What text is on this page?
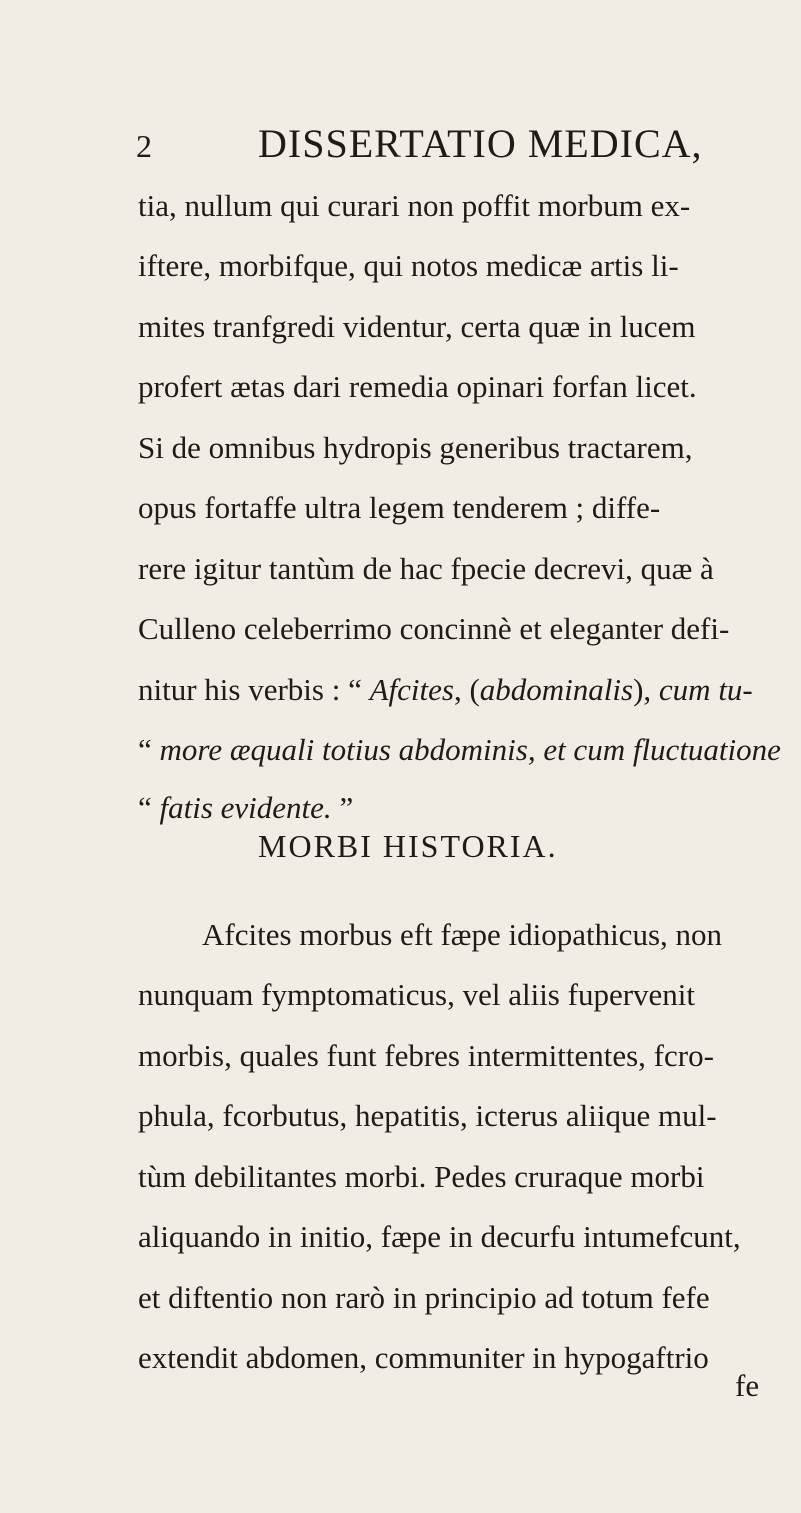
2	DISSERTATIO MEDICA,
tia, nullum qui curari non poffit morbum ex-
iftere, morbifque, qui notos medicæ artis li-
mites tranfgredi videntur, certa quæ in lucem
profert ætas dari remedia opinari forfan licet.
Si de omnibus hydropis generibus tractarem,
opus fortaffe ultra legem tenderem ; diffe-
rere igitur tantùm de hac fpecie decrevi, quæ à
Culleno celeberrimo concinnè et eleganter defi-
nitur his verbis : “ Afcites, (abdominalis), cum tu-
“ more æquali totius abdominis, et cum fluctuatione
“ fatis evidente. ”
MORBI HISTORIA.
Afcites morbus eft fæpe idiopathicus, non
nunquam fymptomaticus, vel aliis fupervenit
morbis, quales funt febres intermittentes, fcro-
phula, fcorbutus, hepatitis, icterus aliique mul-
tùm debilitantes morbi. Pedes cruraque morbi
aliquando in initio, fæpe in decurfu intumefcunt,
et diftentio non rarò in principio ad totum fefe
extendit abdomen, communiter in hypogaftrio
fe
